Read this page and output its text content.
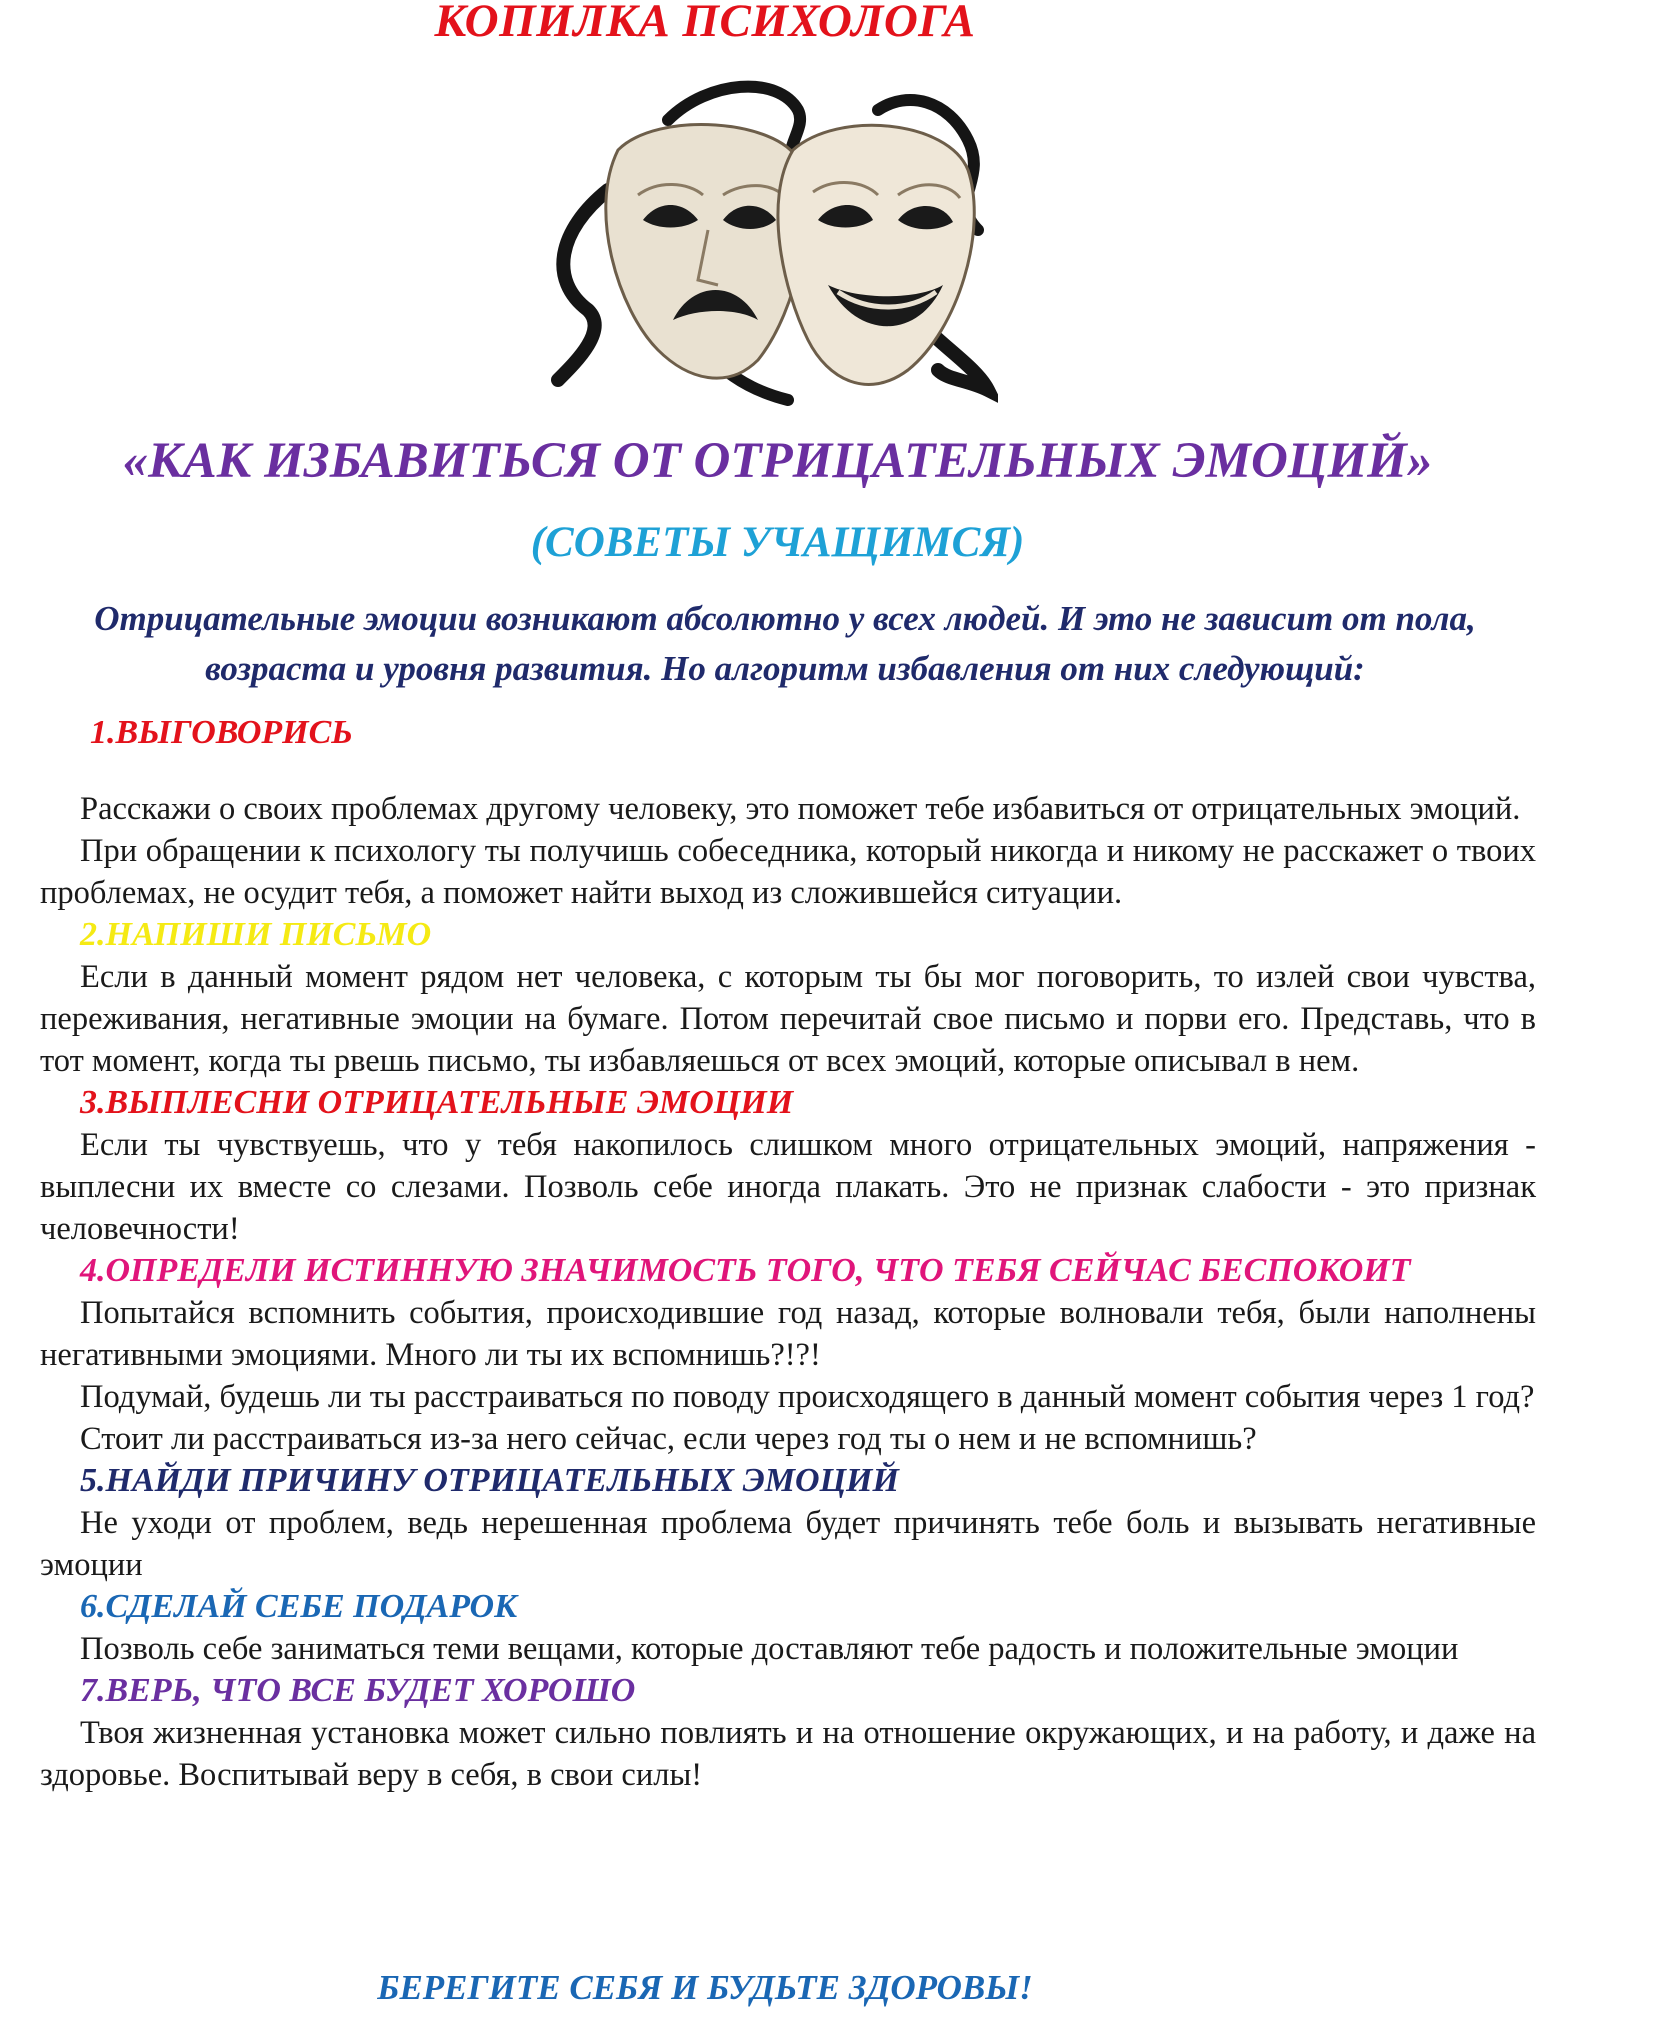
КОПИЛКА ПСИХОЛОГА
«КАК ИЗБАВИТЬСЯ ОТ ОТРИЦАТЕЛЬНЫХ ЭМОЦИЙ»
(СОВЕТЫ УЧАЩИМСЯ)
Отрицательные эмоции возникают абсолютно у всех людей. И это не зависит от пола, возраста и уровня развития. Но алгоритм избавления от них следующий:

1.ВЫГОВОРИСЬ

Расскажи о своих проблемах другому человеку, это поможет тебе избавиться от отрицательных эмоций.

При обращении к психологу ты получишь собеседника, который никогда и никому не расскажет о твоих проблемах, не осудит тебя, а поможет найти выход из сложившейся ситуации.

2.НАПИШИ ПИСЬМО

Если в данный момент рядом нет человека, с которым ты бы мог поговорить, то излей свои чувства, переживания, негативные эмоции на бумаге. Потом перечитай свое письмо и порви его. Представь, что в тот момент, когда ты рвешь письмо, ты избавляешься от всех эмоций, которые описывал в нем.

3.ВЫПЛЕСНИ ОТРИЦАТЕЛЬНЫЕ ЭМОЦИИ

Если ты чувствуешь, что у тебя накопилось слишком много отрицательных эмоций, напряжения - выплесни их вместе со слезами. Позволь себе иногда плакать. Это не признак слабости - это признак человечности!

4.ОПРЕДЕЛИ ИСТИННУЮ ЗНАЧИМОСТЬ ТОГО, ЧТО ТЕБЯ СЕЙЧАС БЕСПОКОИТ

Попытайся вспомнить события, происходившие год назад, которые волновали тебя, были наполнены негативными эмоциями. Много ли ты их вспомнишь?!?!

Подумай, будешь ли ты расстраиваться по поводу происходящего в данный момент события через 1 год?

Стоит ли расстраиваться из-за него сейчас, если через год ты о нем и не вспомнишь?

5.НАЙДИ ПРИЧИНУ ОТРИЦАТЕЛЬНЫХ ЭМОЦИЙ

Не уходи от проблем, ведь нерешенная проблема будет причинять тебе боль и вызывать негативные эмоции

6.СДЕЛАЙ СЕБЕ ПОДАРОК

Позволь себе заниматься теми вещами, которые доставляют тебе радость и положительные эмоции

7.ВЕРЬ, ЧТО ВСЕ БУДЕТ ХОРОШО

Твоя жизненная установка может сильно повлиять и на отношение окружающих, и на работу, и даже на здоровье. Воспитывай веру в себя, в свои силы!

БЕРЕГИТЕ СЕБЯ И БУДЬТЕ ЗДОРОВЫ!
